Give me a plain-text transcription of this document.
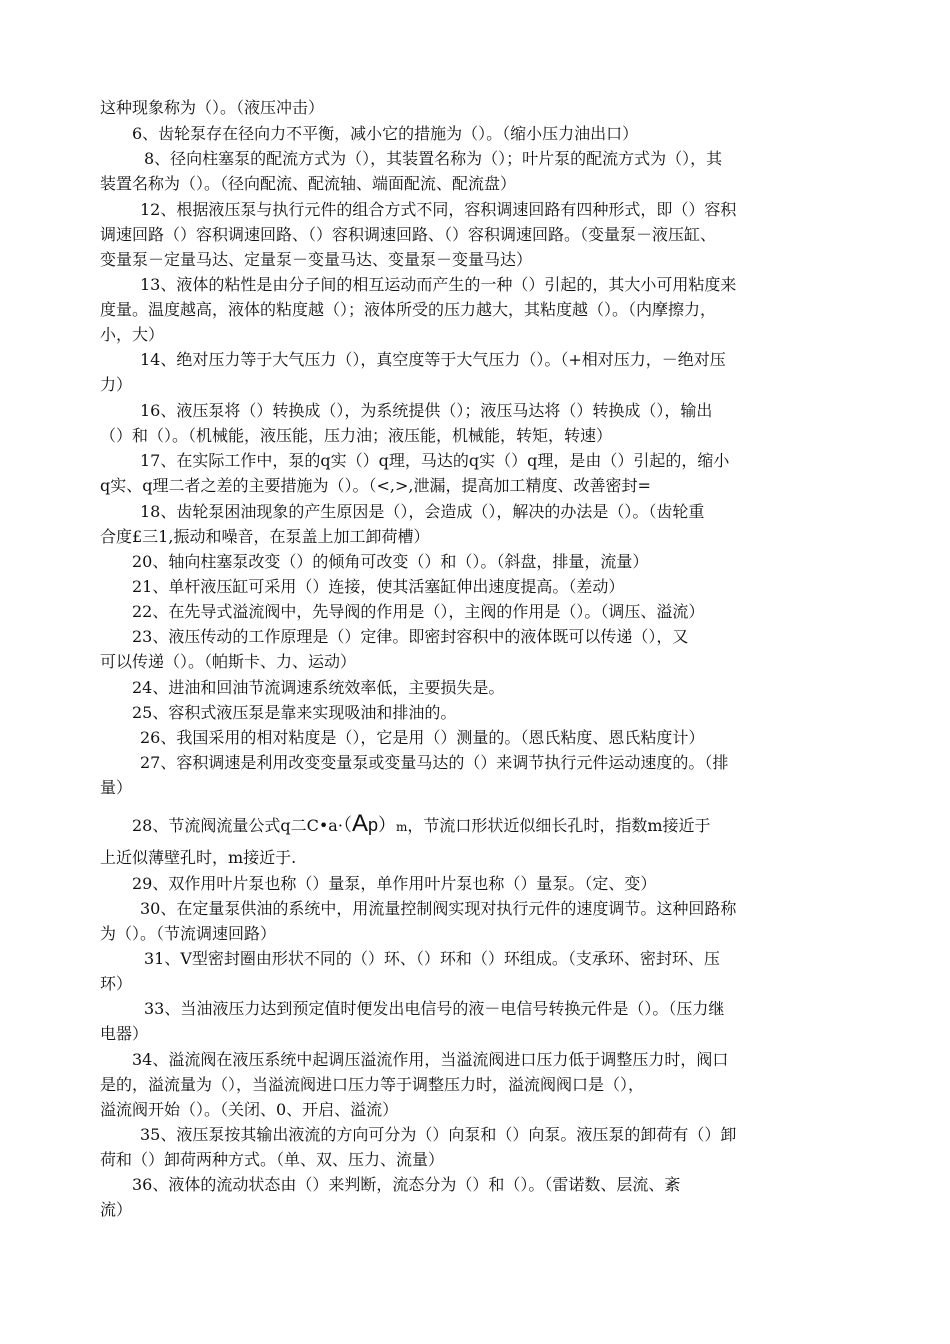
这种现象称为（）。（液压冲击）
6、齿轮泵存在径向力不平衡，减小它的措施为（）。（缩小压力油出口）
8、径向柱塞泵的配流方式为（），其装置名称为（）；叶片泵的配流方式为（），其
装置名称为（）。（径向配流、配流轴、端面配流、配流盘）
12、根据液压泵与执行元件的组合方式不同，容积调速回路有四种形式，即（）容积
调速回路（）容积调速回路、（）容积调速回路、（）容积调速回路。（变量泵－液压缸、
变量泵－定量马达、定量泵－变量马达、变量泵－变量马达）
13、液体的粘性是由分子间的相互运动而产生的一种（）引起的，其大小可用粘度来
度量。温度越高，液体的粘度越（）；液体所受的压力越大，其粘度越（）。（内摩擦力，
小，大）
14、绝对压力等于大气压力（），真空度等于大气压力（）。（+相对压力，－绝对压
力）
16、液压泵将（）转换成（），为系统提供（）；液压马达将（）转换成（），输出
（）和（）。（机械能，液压能，压力油；液压能，机械能，转矩，转速）
17、在实际工作中，泵的q实（）q理，马达的q实（）q理，是由（）引起的，缩小
q实、q理二者之差的主要措施为（）。（<,>,泄漏，提高加工精度、改善密封=
18、齿轮泵困油现象的产生原因是（），会造成（），解决的办法是（）。（齿轮重
合度£三1,振动和噪音，在泵盖上加工卸荷槽）
20、轴向柱塞泵改变（）的倾角可改变（）和（）。（斜盘，排量，流量）
21、单杆液压缸可采用（）连接，使其活塞缸伸出速度提高。（差动）
22、在先导式溢流阀中，先导阀的作用是（），主阀的作用是（）。（调压、溢流）
23、液压传动的工作原理是（）定律。即密封容积中的液体既可以传递（），又
可以传递（）。（帕斯卡、力、运动）
24、进油和回油节流调速系统效率低，主要损失是。
25、容积式液压泵是靠来实现吸油和排油的。
26、我国采用的相对粘度是（），它是用（）测量的。（恩氏粘度、恩氏粘度计）
27、容积调速是利用改变变量泵或变量马达的（）来调节执行元件运动速度的。（排
量）
28、节流阀流量公式q二C•a·（Ap）m，节流口形状近似细长孔时，指数m接近于
上近似薄壁孔时，m接近于.
29、双作用叶片泵也称（）量泵，单作用叶片泵也称（）量泵。（定、变）
30、在定量泵供油的系统中，用流量控制阀实现对执行元件的速度调节。这种回路称
为（）。（节流调速回路）
31、V型密封圈由形状不同的（）环、（）环和（）环组成。（支承环、密封环、压
环）
33、当油液压力达到预定值时便发出电信号的液－电信号转换元件是（）。（压力继
电器）
34、溢流阀在液压系统中起调压溢流作用，当溢流阀进口压力低于调整压力时，阀口
是的，溢流量为（），当溢流阀进口压力等于调整压力时，溢流阀阀口是（），
溢流阀开始（）。（关闭、0、开启、溢流）
35、液压泵按其输出液流的方向可分为（）向泵和（）向泵。液压泵的卸荷有（）卸
荷和（）卸荷两种方式。（单、双、压力、流量）
36、液体的流动状态由（）来判断，流态分为（）和（）。（雷诺数、层流、紊
流）
